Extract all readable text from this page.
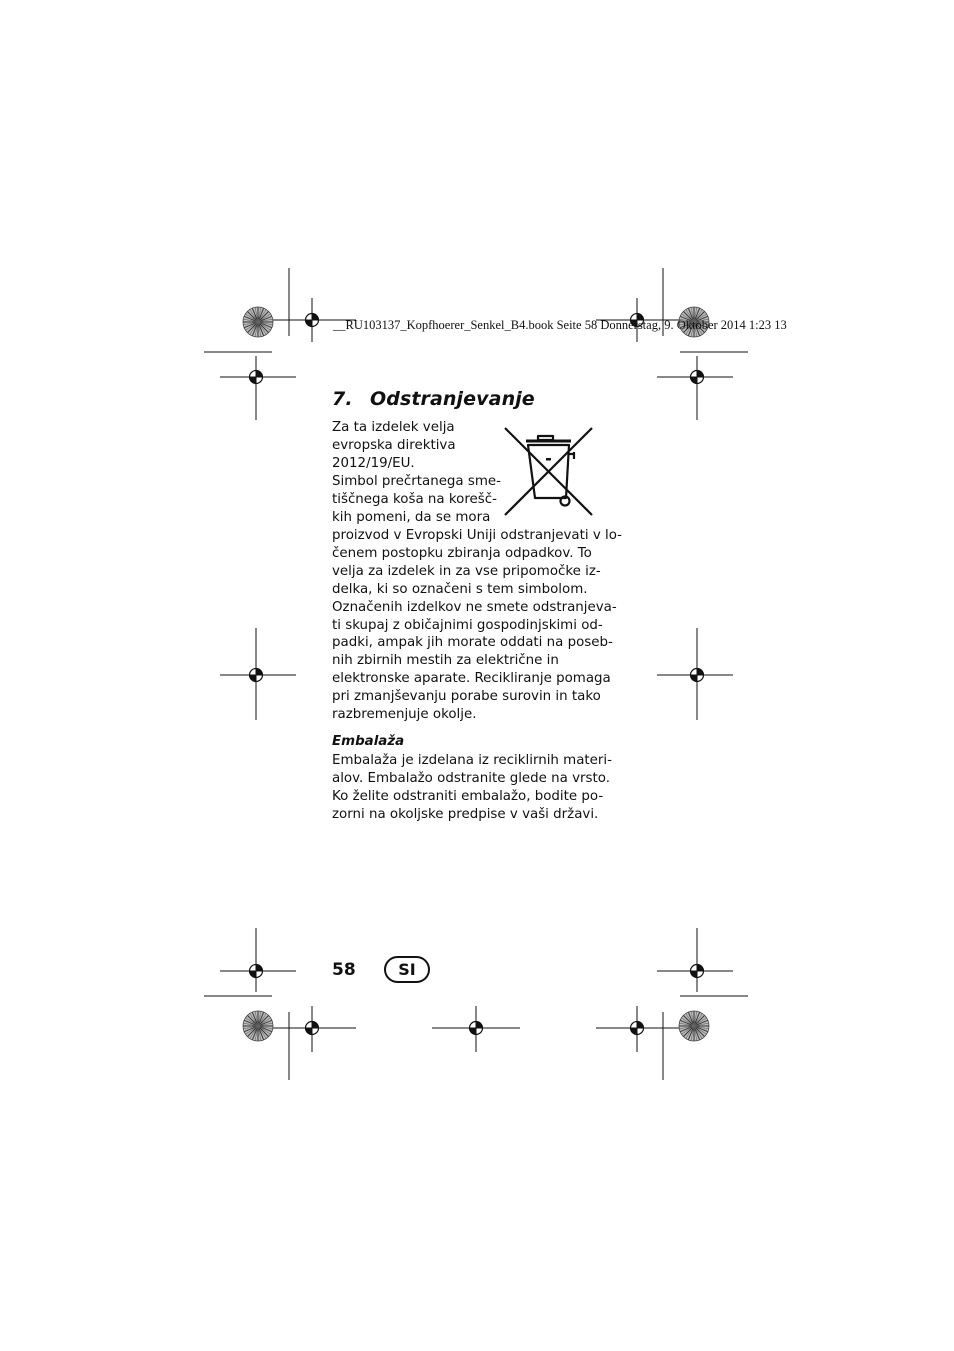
__RU103137_Kopfhoerer_Senkel_B4.book Seite 58 Donnerstag, 9. Oktober 2014 1:23 13
7. Odstranjevanje
Za ta izdelek velja
evropska direktiva
2012/19/EU.
Simbol prečrtanega sme-
tiščnega koša na korešč-
kih pomeni, da se mora
proizvod v Evropski Uniji odstranjevati v lo-
čenem postopku zbiranja odpadkov. To
velja za izdelek in za vse pripomočke iz-
delka, ki so označeni s tem simbolom.
Označenih izdelkov ne smete odstranjeva-
ti skupaj z običajnimi gospodinjskimi od-
padki, ampak jih morate oddati na poseb-
nih zbirnih mestih za električne in
elektronske aparate. Recikliranje pomaga
pri zmanjševanju porabe surovin in tako
razbremenjuje okolje.
Embalaža
Embalaža je izdelana iz reciklirnih materi-
alov. Embalažo odstranite glede na vrsto.
Ko želite odstraniti embalažo, bodite po-
zorni na okoljske predpise v vaši državi.
58	SI
